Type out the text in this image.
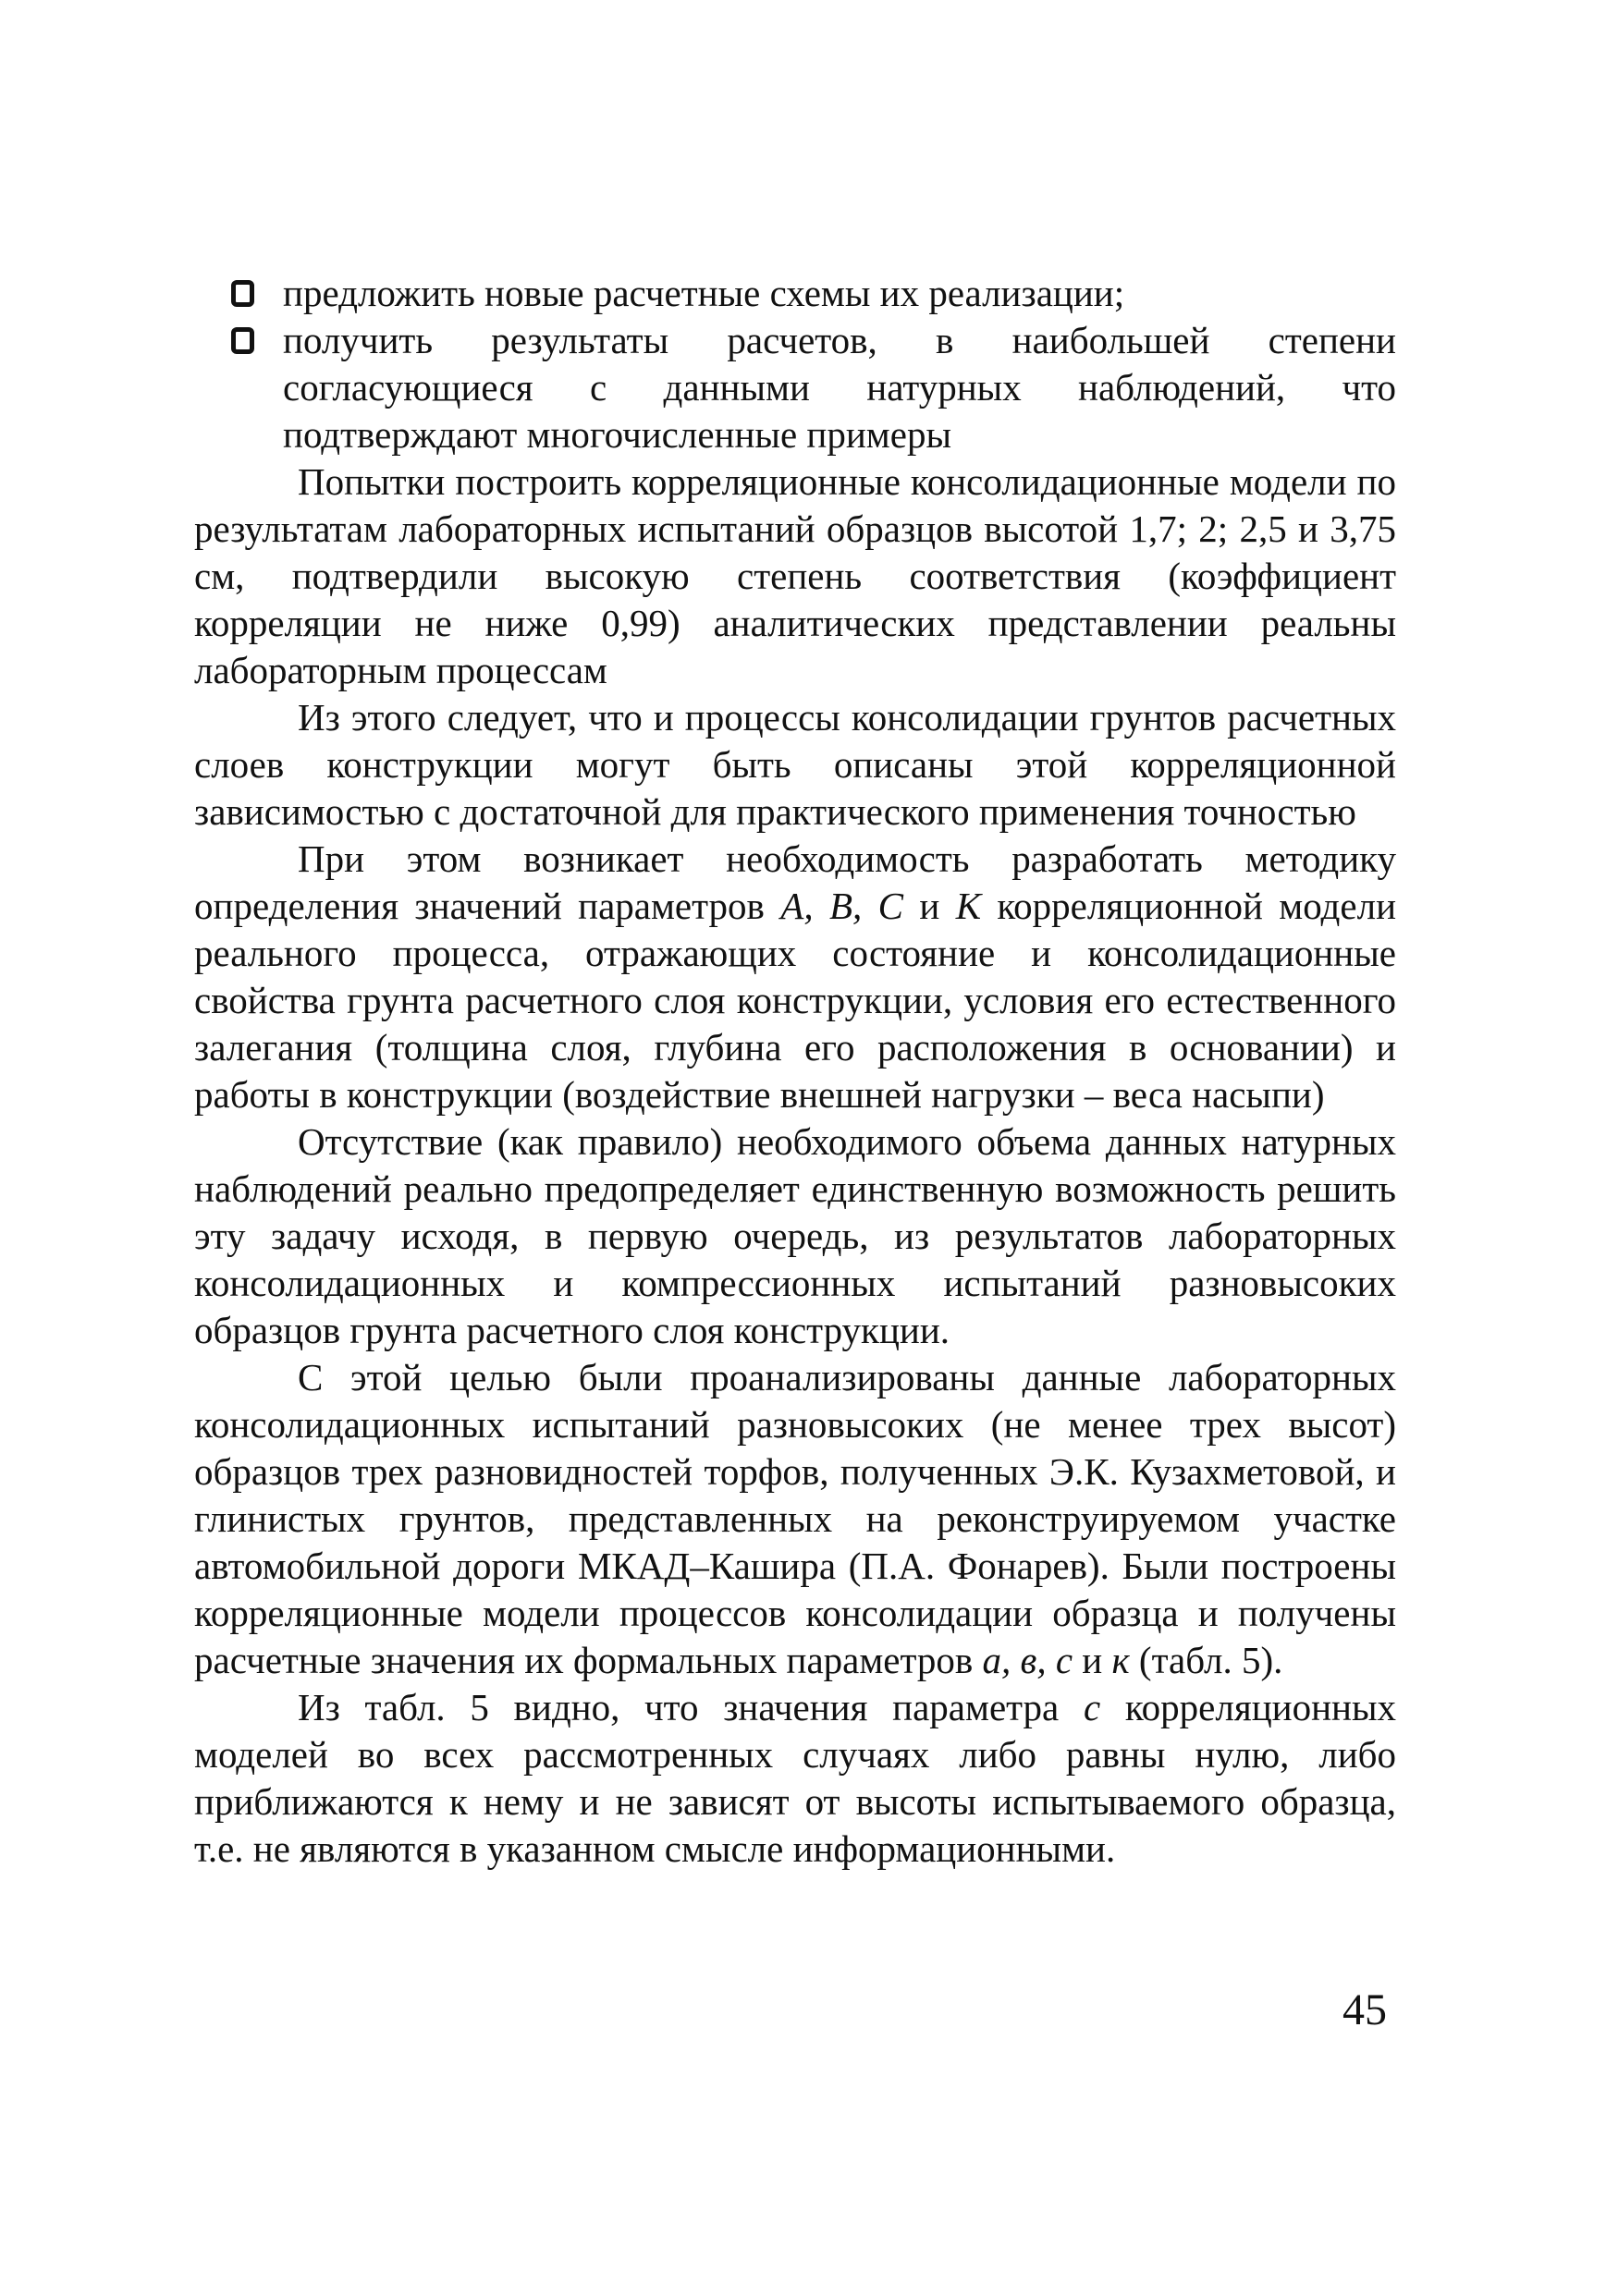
предложить новые расчетные схемы их реализации;
получить результаты расчетов, в наибольшей степени согласующиеся с данными натурных наблюдений, что подтверждают многочисленные примеры

Попытки построить корреляционные консолидационные модели по результатам лабораторных испытаний образцов высотой 1,7; 2; 2,5 и 3,75 см, подтвердили высокую степень соответствия (коэффициент корреляции не ниже 0,99) аналитических представлении реальны лабораторным процессам

Из этого следует, что и процессы консолидации грунтов расчетных слоев конструкции могут быть описаны этой корреляционной зависимостью с достаточной для практического применения точностью

При этом возникает необходимость разработать методику определения значений параметров А, В, С и К корреляционной модели реального процесса, отражающих состояние и консолидационные свойства грунта расчетного слоя конструкции, условия его естественного залегания (толщина слоя, глубина его расположения в основании) и работы в конструкции (воздействие внешней нагрузки – веса насыпи)

Отсутствие (как правило) необходимого объема данных натурных наблюдений реально предопределяет единственную возможность решить эту задачу исходя, в первую очередь, из результатов лабораторных консолидационных и компрессионных испытаний разновысоких образцов грунта расчетного слоя конструкции.

С этой целью были проанализированы данные лабораторных консолидационных испытаний разновысоких (не менее трех высот) образцов трех разновидностей торфов, полученных Э.К. Кузахметовой, и глинистых грунтов, представленных на реконструируемом участке автомобильной дороги МКАД–Кашира (П.А. Фонарев). Были построены корреляционные модели процессов консолидации образца и получены расчетные значения их формальных параметров а, в, с и к (табл. 5).

Из табл. 5 видно, что значения параметра с корреляционных моделей во всех рассмотренных случаях либо равны нулю, либо приближаются к нему и не зависят от высоты испытываемого образца, т.е. не являются в указанном смысле информационными.

45
